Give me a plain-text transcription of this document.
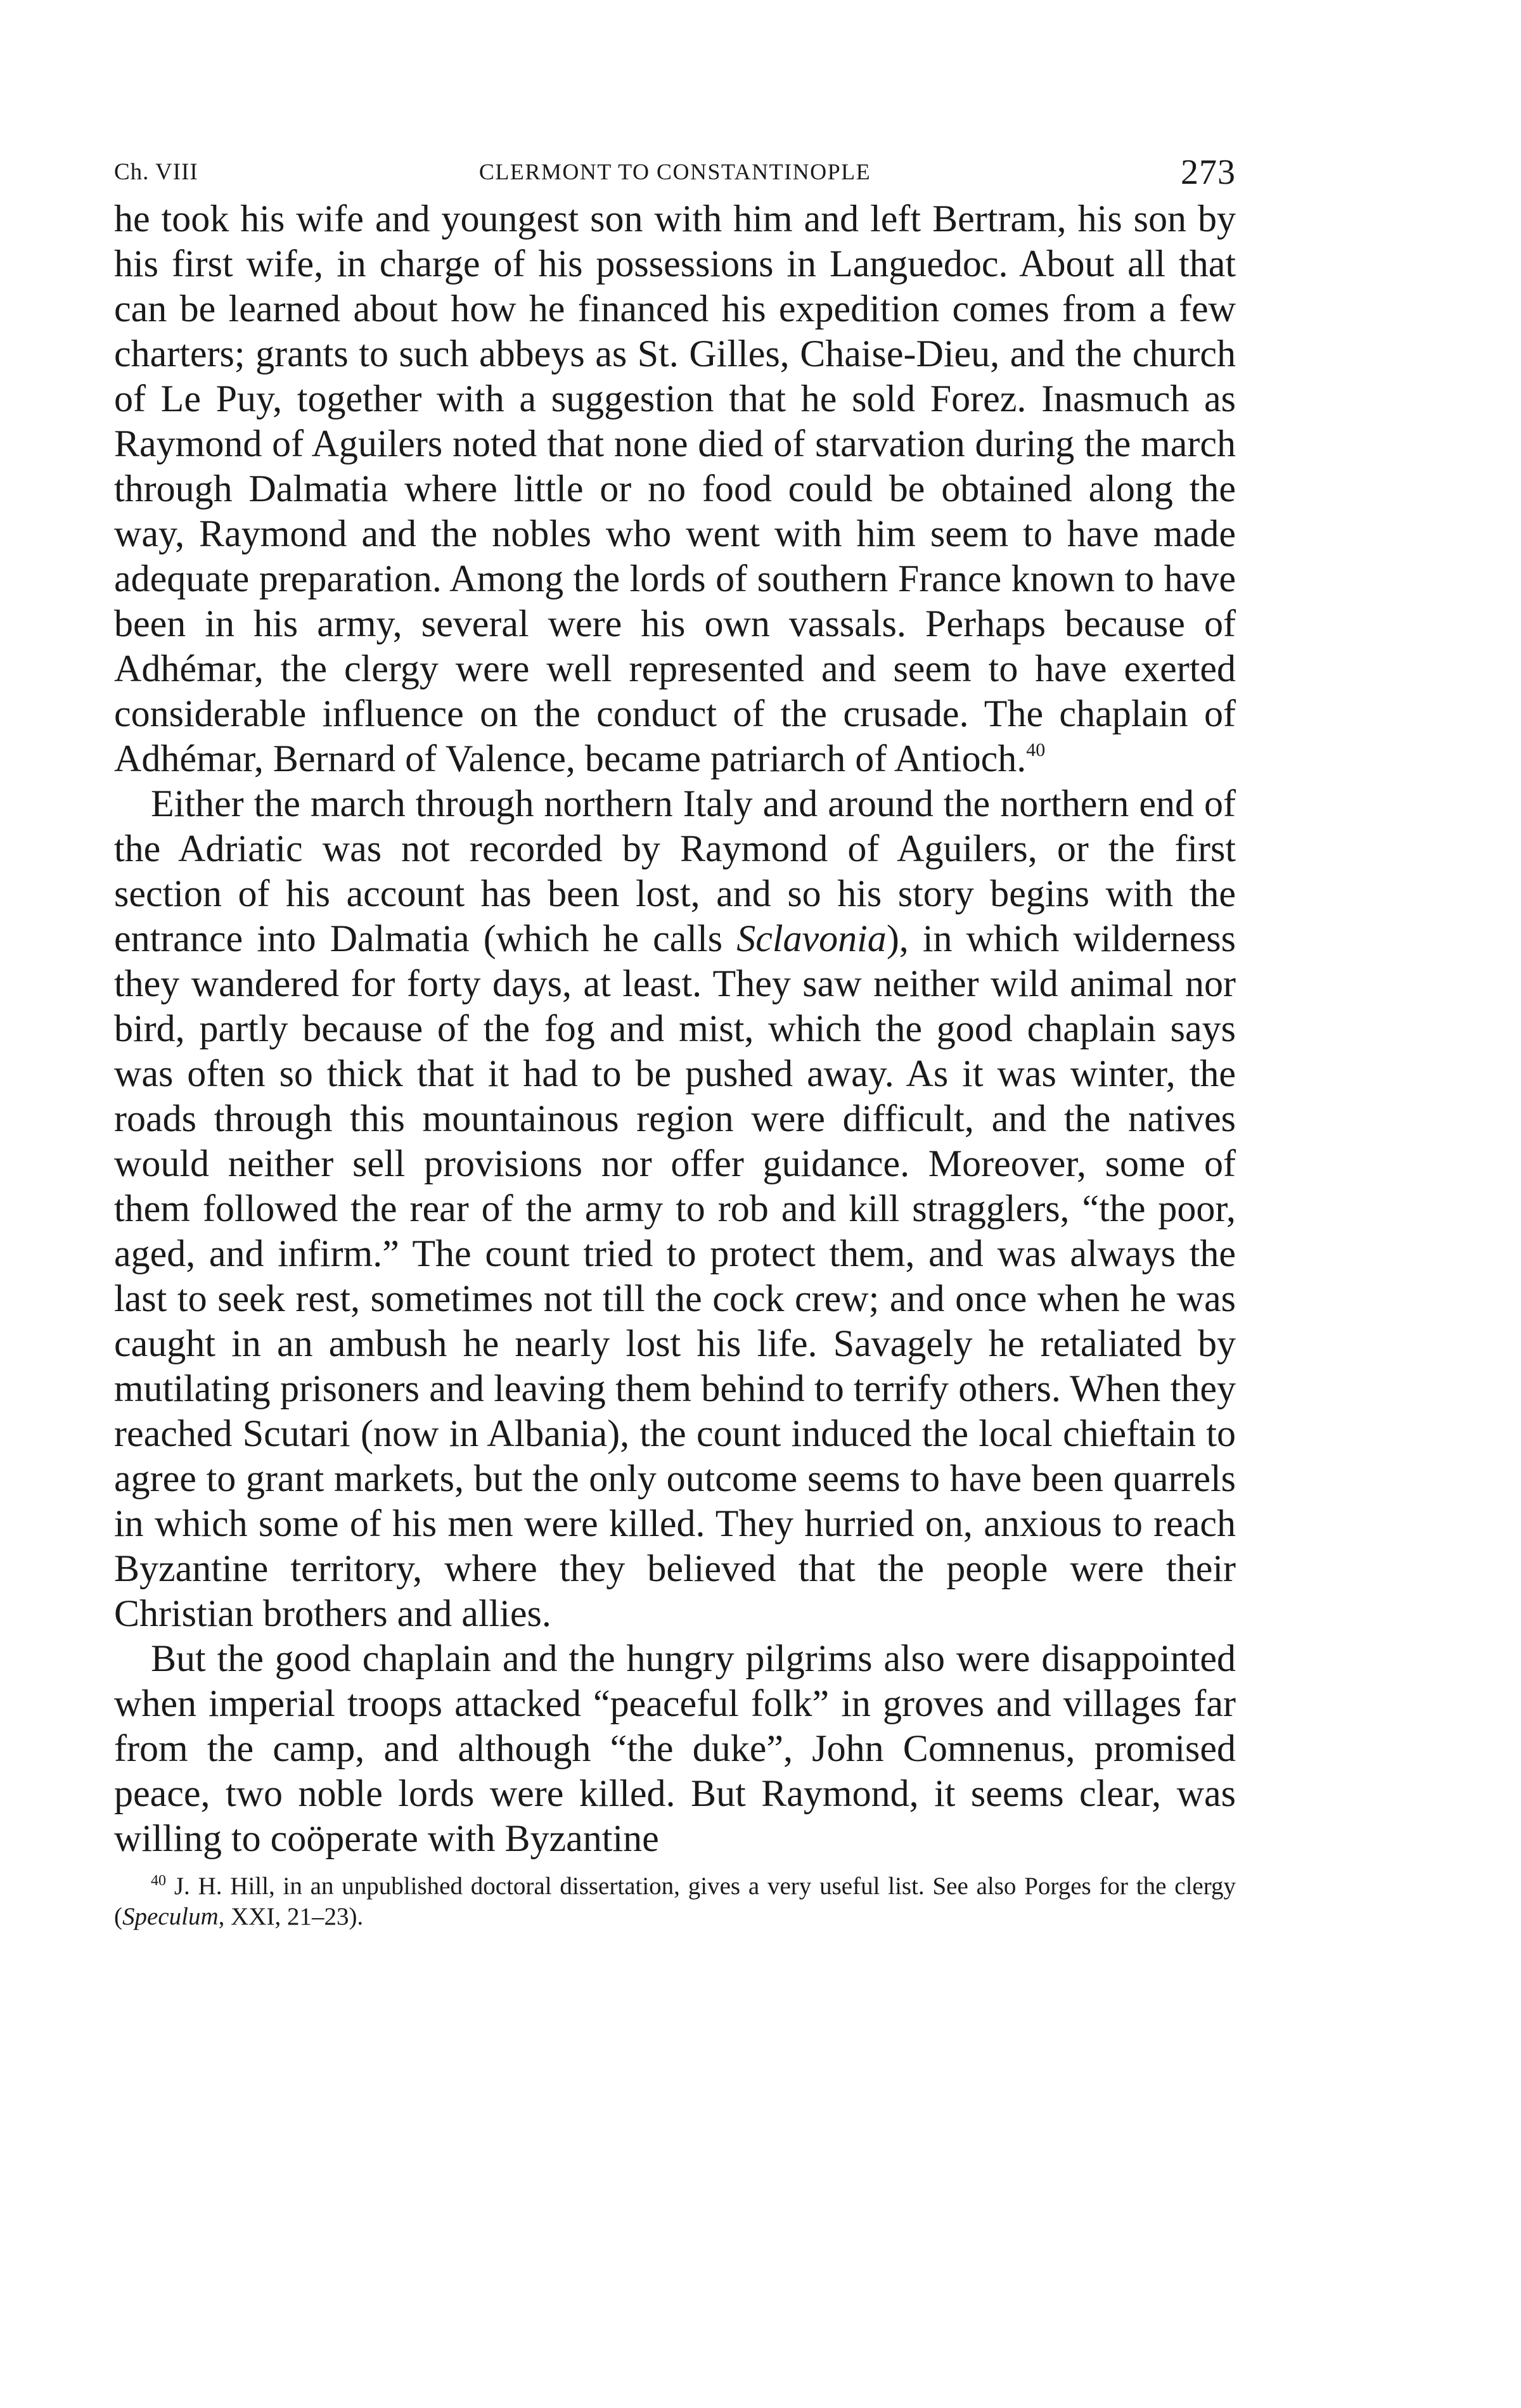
Ch. VIII	CLERMONT TO CONSTANTINOPLE	273

he took his wife and youngest son with him and left Bertram, his son by his first wife, in charge of his possessions in Languedoc. About all that can be learned about how he financed his expedition comes from a few charters; grants to such abbeys as St. Gilles, Chaise-Dieu, and the church of Le Puy, together with a suggestion that he sold Forez. Inasmuch as Raymond of Aguilers noted that none died of starvation during the march through Dalmatia where little or no food could be obtained along the way, Raymond and the nobles who went with him seem to have made adequate preparation. Among the lords of southern France known to have been in his army, several were his own vassals. Perhaps because of Adhémar, the clergy were well represented and seem to have exerted considerable influence on the conduct of the crusade. The chaplain of Adhémar, Bernard of Valence, became patriarch of Antioch.$^{40}$

Either the march through northern Italy and around the northern end of the Adriatic was not recorded by Raymond of Aguilers, or the first section of his account has been lost, and so his story begins with the entrance into Dalmatia (which he calls Sclavonia), in which wilderness they wandered for forty days, at least. They saw neither wild animal nor bird, partly because of the fog and mist, which the good chaplain says was often so thick that it had to be pushed away. As it was winter, the roads through this mountainous region were difficult, and the natives would neither sell provisions nor offer guidance. Moreover, some of them followed the rear of the army to rob and kill stragglers, “the poor, aged, and infirm.” The count tried to protect them, and was always the last to seek rest, sometimes not till the cock crew; and once when he was caught in an ambush he nearly lost his life. Savagely he retaliated by mutilating prisoners and leaving them behind to terrify others. When they reached Scutari (now in Albania), the count induced the local chieftain to agree to grant markets, but the only outcome seems to have been quarrels in which some of his men were killed. They hurried on, anxious to reach Byzantine territory, where they believed that the people were their Christian brothers and allies.

But the good chaplain and the hungry pilgrims also were disappointed when imperial troops attacked “peaceful folk” in groves and villages far from the camp, and although “the duke”, John Comnenus, promised peace, two noble lords were killed. But Raymond, it seems clear, was willing to coöperate with Byzantine

$^{40}$ J. H. Hill, in an unpublished doctoral dissertation, gives a very useful list. See also Porges for the clergy (Speculum, XXI, 21–23).
